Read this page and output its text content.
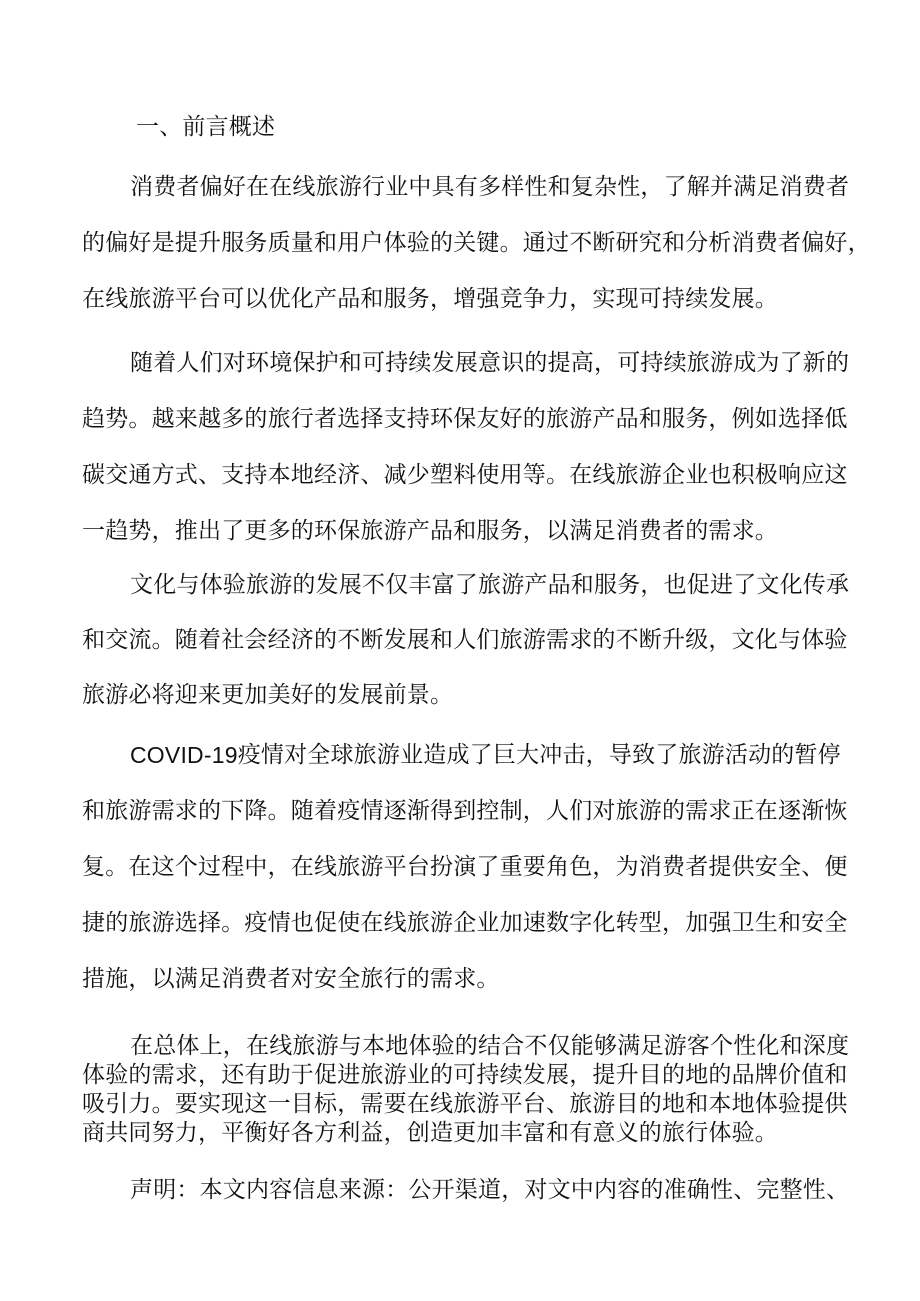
一、前言概述
消费者偏好在在线旅游行业中具有多样性和复杂性，了解并满足消费者
的偏好是提升服务质量和用户体验的关键。通过不断研究和分析消费者偏好，
在线旅游平台可以优化产品和服务，增强竞争力，实现可持续发展。
随着人们对环境保护和可持续发展意识的提高，可持续旅游成为了新的
趋势。越来越多的旅行者选择支持环保友好的旅游产品和服务，例如选择低
碳交通方式、支持本地经济、减少塑料使用等。在线旅游企业也积极响应这
一趋势，推出了更多的环保旅游产品和服务，以满足消费者的需求。
文化与体验旅游的发展不仅丰富了旅游产品和服务，也促进了文化传承
和交流。随着社会经济的不断发展和人们旅游需求的不断升级，文化与体验
旅游必将迎来更加美好的发展前景。
COVID-19 疫情对全球旅游业造成了巨大冲击，导致了旅游活动的暂停
和旅游需求的下降。随着疫情逐渐得到控制，人们对旅游的需求正在逐渐恢
复。在这个过程中，在线旅游平台扮演了重要角色，为消费者提供安全、便
捷的旅游选择。疫情也促使在线旅游企业加速数字化转型，加强卫生和安全
措施，以满足消费者对安全旅行的需求。
在总体上，在线旅游与本地体验的结合不仅能够满足游客个性化和深度
体验的需求，还有助于促进旅游业的可持续发展，提升目的地的品牌价值和
吸引力。要实现这一目标，需要在线旅游平台、旅游目的地和本地体验提供
商共同努力，平衡好各方利益，创造更加丰富和有意义的旅行体验。
声明：本文内容信息来源：公开渠道，对文中内容的准确性、完整性、
